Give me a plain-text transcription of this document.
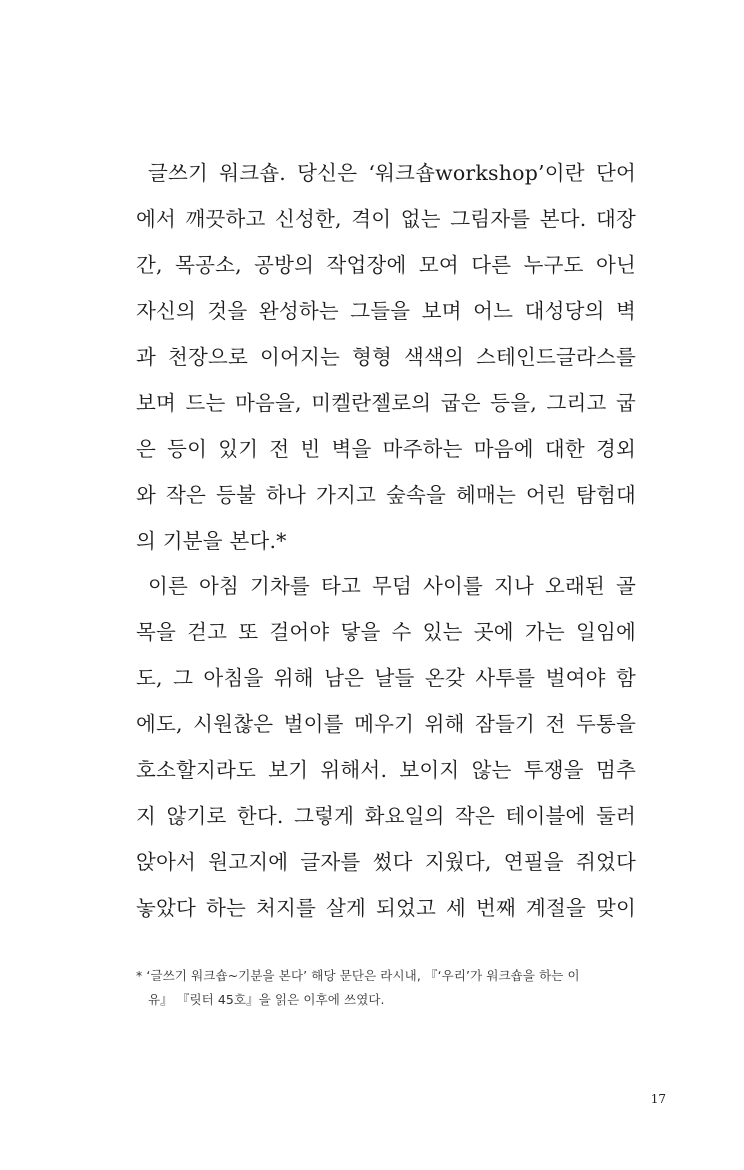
글쓰기 워크숍. 당신은 ‘워크숍workshop’이란 단어
에서 깨끗하고 신성한, 격이 없는 그림자를 본다. 대장
간, 목공소, 공방의 작업장에 모여 다른 누구도 아닌
자신의 것을 완성하는 그들을 보며 어느 대성당의 벽
과 천장으로 이어지는 형형 색색의 스테인드글라스를
보며 드는 마음을, 미켈란젤로의 굽은 등을, 그리고 굽
은 등이 있기 전 빈 벽을 마주하는 마음에 대한 경외
와 작은 등불 하나 가지고 숲속을 헤매는 어린 탐험대
의 기분을 본다.*
이른 아침 기차를 타고 무덤 사이를 지나 오래된 골
목을 걷고 또 걸어야 닿을 수 있는 곳에 가는 일임에
도, 그 아침을 위해 남은 날들 온갖 사투를 벌여야 함
에도, 시원찮은 벌이를 메우기 위해 잠들기 전 두통을
호소할지라도 보기 위해서. 보이지 않는 투쟁을 멈추
지 않기로 한다. 그렇게 화요일의 작은 테이블에 둘러
앉아서 원고지에 글자를 썼다 지웠다, 연필을 쥐었다
놓았다 하는 처지를 살게 되었고 세 번째 계절을 맞이
* ‘글쓰기 워크숍~기분을 본다’ 해당 문단은 라시내, 『‘우리’가 워크숍을 하는 이
유』 『릿터 45호』을 읽은 이후에 쓰였다.
17
